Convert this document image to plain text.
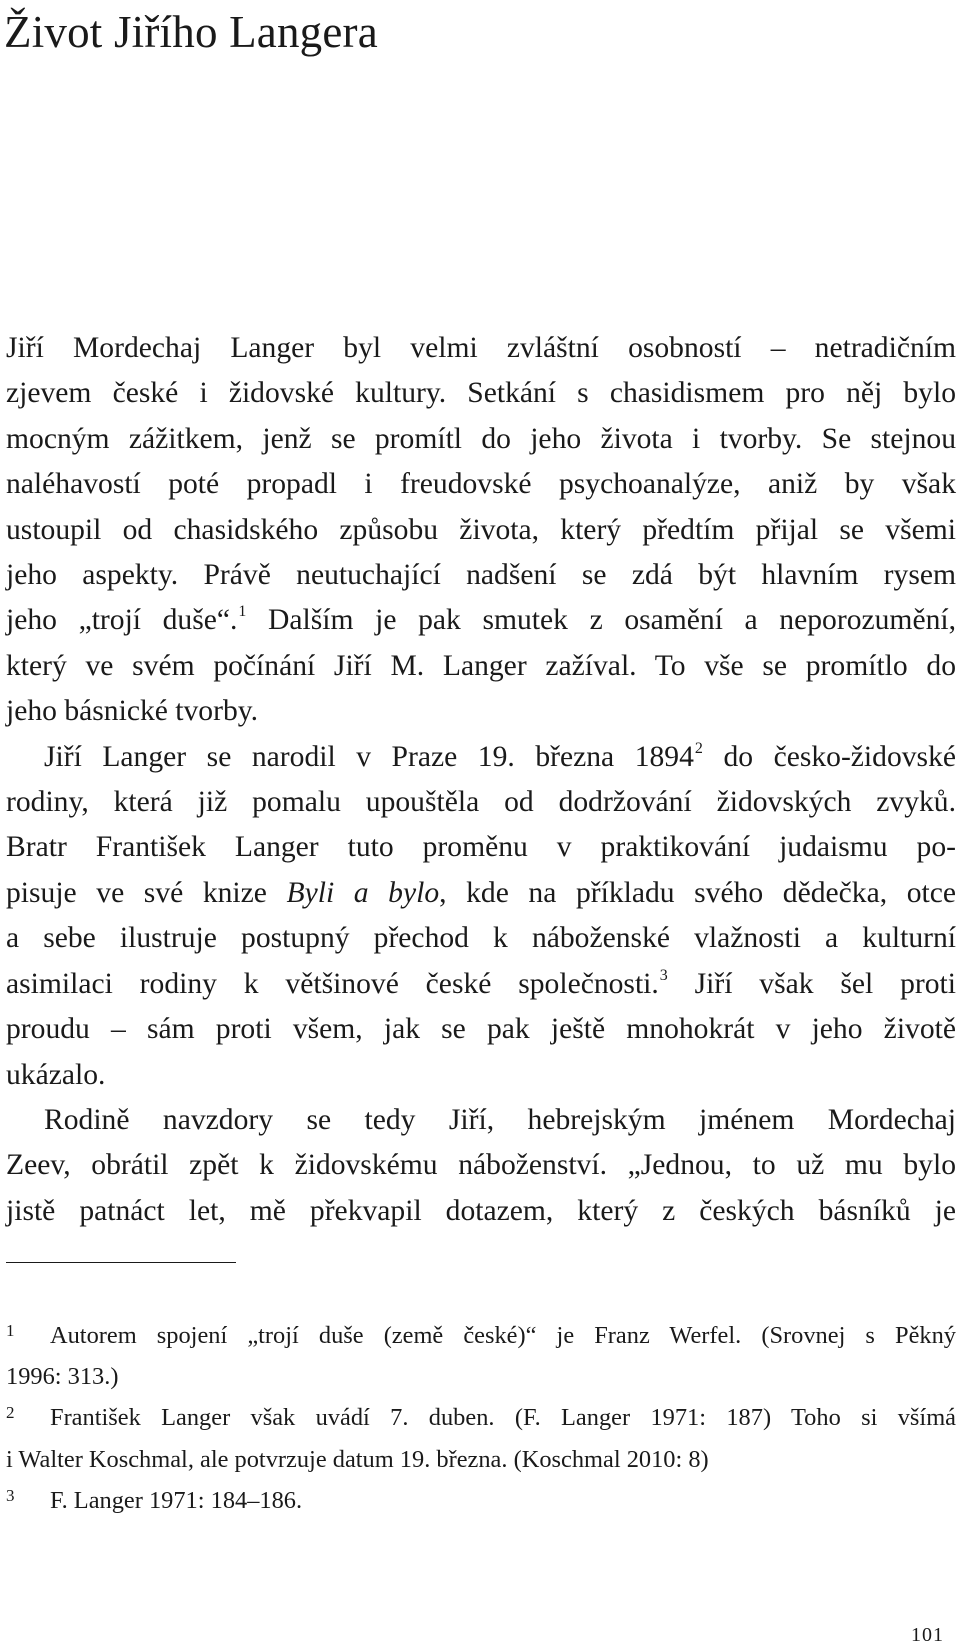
Život Jiřího Langera
Jiří Mordechaj Langer byl velmi zvláštní osobností – netradičním
zjevem české i židovské kultury. Setkání s chasidismem pro něj bylo
mocným zážitkem, jenž se promítl do jeho života i tvorby. Se stejnou
naléhavostí poté propadl i freudovské psychoanalýze, aniž by však
ustoupil od chasidského způsobu života, který předtím přijal se všemi
jeho aspekty. Právě neutuchající nadšení se zdá být hlavním rysem
jeho „trojí duše“.$^1$ Dalším je pak smutek z osamění a neporozumění,
který ve svém počínání Jiří M. Langer zažíval. To vše se promítlo do
jeho básnické tvorby.
Jiří Langer se narodil v Praze 19. března 1894$^2$ do česko-židovské
rodiny, která již pomalu upouštěla od dodržování židovských zvyků.
Bratr František Langer tuto proměnu v praktikování judaismu po-
pisuje ve své knize Byli a bylo, kde na příkladu svého dědečka, otce
a sebe ilustruje postupný přechod k náboženské vlažnosti a kulturní
asimilaci rodiny k většinové české společnosti.$^3$ Jiří však šel proti
proudu – sám proti všem, jak se pak ještě mnohokrát v jeho životě
ukázalo.
Rodině navzdory se tedy Jiří, hebrejským jménem Mordechaj
Zeev, obrátil zpět k židovskému náboženství. „Jednou, to už mu bylo
jistě patnáct let, mě překvapil dotazem, který z českých básníků je
1 Autorem spojení „trojí duše (země české)“ je Franz Werfel. (Srovnej s Pěkný
1996: 313.)
2 František Langer však uvádí 7. duben. (F. Langer 1971: 187) Toho si všímá
i Walter Koschmal, ale potvrzuje datum 19. března. (Koschmal 2010: 8)
3 F. Langer 1971: 184–186.
101
